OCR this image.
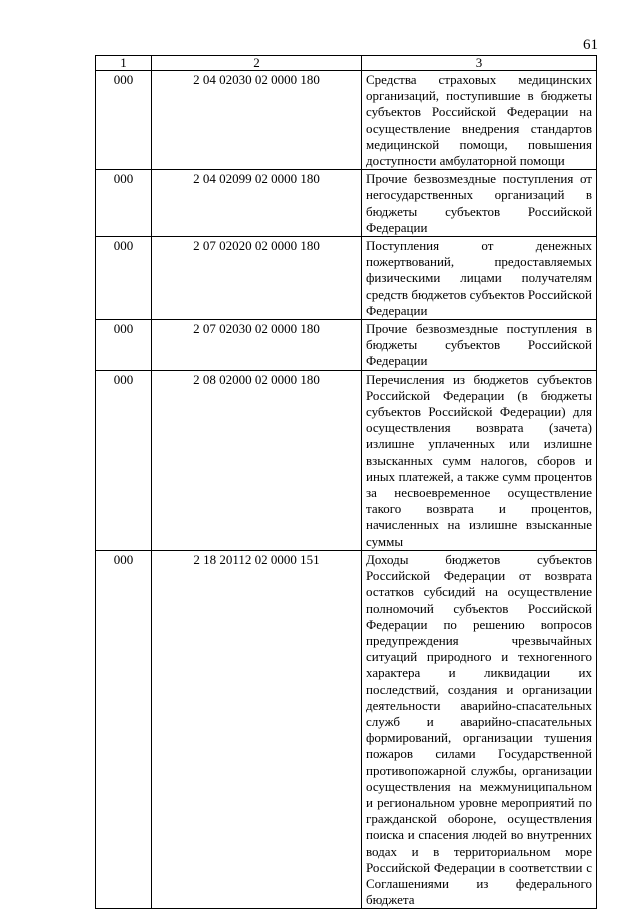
61
1	2	3
000	2 04 02030 02 0000 180	Средства страховых медицинских организаций, поступившие в бюджеты субъектов Российской Федерации на осуществление внедрения стандартов медицинской помощи, повышения доступности амбулаторной помощи
000	2 04 02099 02 0000 180	Прочие безвозмездные поступления от негосударственных организаций в бюджеты субъектов Российской Федерации
000	2 07 02020 02 0000 180	Поступления от денежных пожертвований, предоставляемых физическими лицами получателям средств бюджетов субъектов Российской Федерации
000	2 07 02030 02 0000 180	Прочие безвозмездные поступления в бюджеты субъектов Российской Федерации
000	2 08 02000 02 0000 180	Перечисления из бюджетов субъектов Российской Федерации (в бюджеты субъектов Российской Федерации) для осуществления возврата (зачета) излишне уплаченных или излишне взысканных сумм налогов, сборов и иных платежей, а также сумм процентов за несвоевременное осуществление такого возврата и процентов, начисленных на излишне взысканные суммы
000	2 18 20112 02 0000 151	Доходы бюджетов субъектов Российской Федерации от возврата остатков субсидий на осуществление полномочий субъектов Российской Федерации по решению вопросов предупреждения чрезвычайных ситуаций природного и техногенного характера и ликвидации их последствий, создания и организации деятельности аварийно-спасательных служб и аварийно-спасательных формирований, организации тушения пожаров силами Государственной противопожарной службы, организации осуществления на межмуниципальном и региональном уровне мероприятий по гражданской обороне, осуществления поиска и спасения людей во внутренних водах и в территориальном море Российской Федерации в соответствии с Соглашениями из федерального бюджета
